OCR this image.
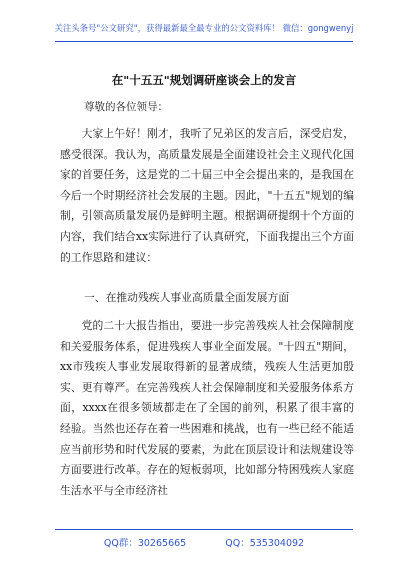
关注头条号"公文研究"，获得最新最全最专业的公文资料库！ 微信：gongwenyj
在"十五五"规划调研座谈会上的发言
尊敬的各位领导：
大家上午好！刚才，我听了兄弟区的发言后，深受启发，感受很深。我认为，高质量发展是全面建设社会主义现代化国家的首要任务，这是党的二十届三中全会提出来的，是我国在今后一个时期经济社会发展的主题。因此，"十五五"规划的编制，引领高质量发展仍是鲜明主题。根据调研提纲十个方面的内容，我们结合xx实际进行了认真研究，下面我提出三个方面的工作思路和建议：
一、在推动残疾人事业高质量全面发展方面
党的二十大报告指出，要进一步完善残疾人社会保障制度和关爱服务体系，促进残疾人事业全面发展。"十四五"期间，xx市残疾人事业发展取得新的显著成绩，残疾人生活更加殷实、更有尊严。在完善残疾人社会保障制度和关爱服务体系方面，xxxx在很多领域都走在了全国的前列，积累了很丰富的经验。当然也还存在着一些困难和挑战，也有一些已经不能适应当前形势和时代发展的要素，为此在顶层设计和法规建设等方面要进行改革。存在的短板弱项，比如部分特困残疾人家庭生活水平与全市经济社
QQ群：30265665	QQ：535304092
